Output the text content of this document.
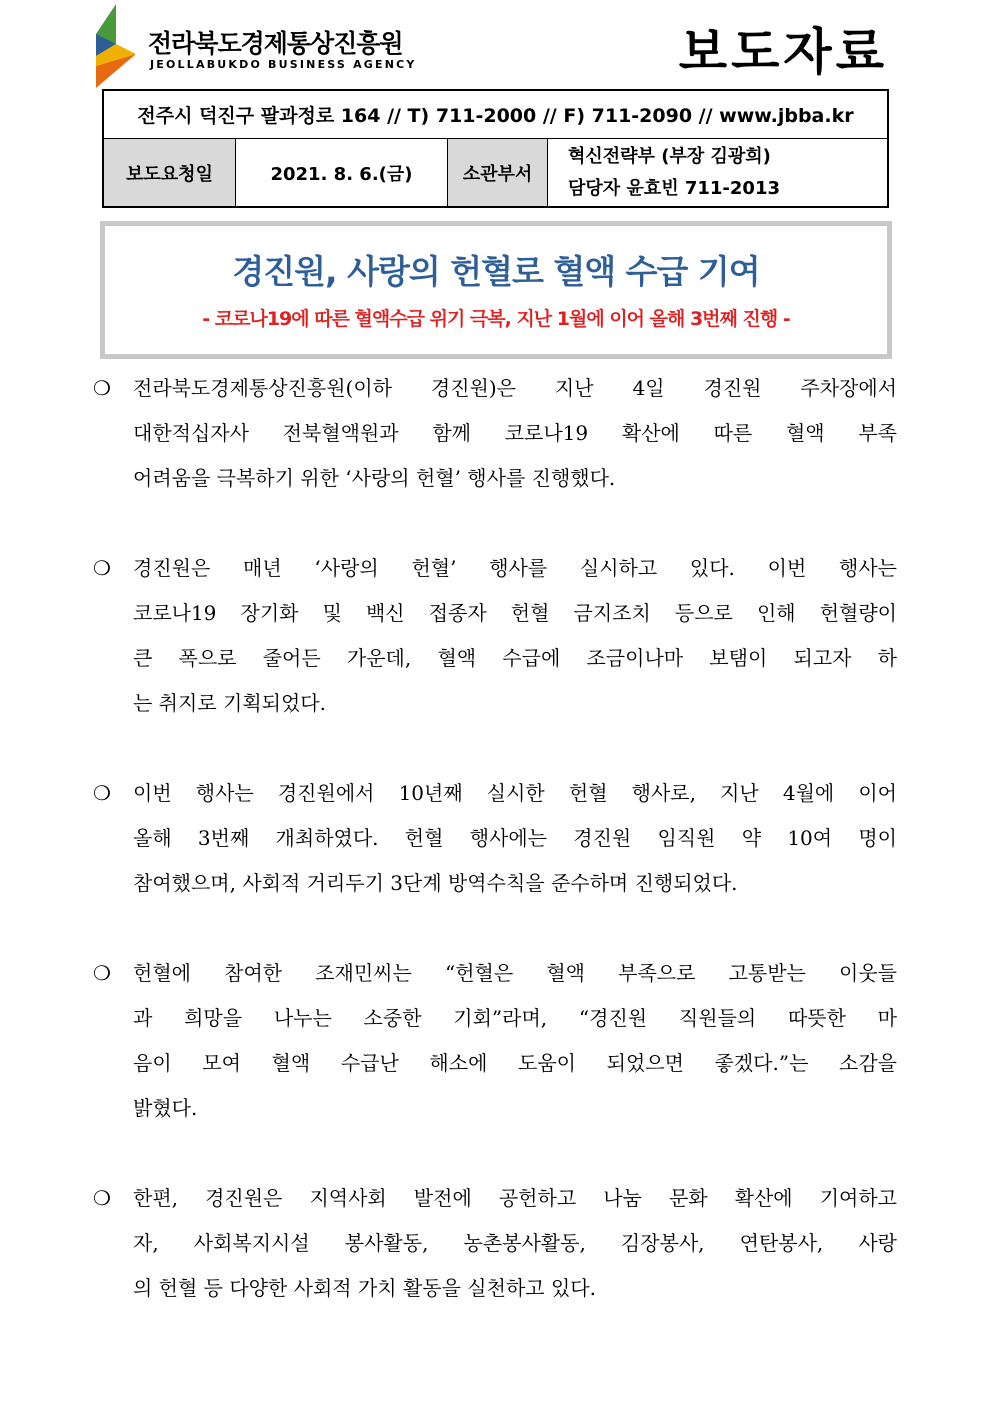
전라북도경제통상진흥원
JEOLLABUKDO BUSINESS AGENCY	보도자료
전주시 덕진구 팔과정로 164 // T) 711-2000 // F) 711-2090 // www.jbba.kr
보도요청일	2021. 8. 6.(금)	소관부서
혁신전략부 (부장 김광희)
담당자 윤효빈 711-2013
경진원, 사랑의 헌혈로 혈액 수급 기여
- 코로나19에 따른 혈액수급 위기 극복, 지난 1월에 이어 올해 3번째 진행 -
❍	전라북도경제통상진흥원(이하 경진원)은 지난 4일 경진원 주차장에서
대한적십자사 전북혈액원과 함께 코로나19 확산에 따른 혈액 부족
어려움을 극복하기 위한 ‘사랑의 헌혈’ 행사를 진행했다.
❍	경진원은 매년 ‘사랑의 헌혈’ 행사를 실시하고 있다. 이번 행사는
코로나19 장기화 및 백신 접종자 헌혈 금지조치 등으로 인해 헌혈량이
큰 폭으로 줄어든 가운데, 혈액 수급에 조금이나마 보탬이 되고자 하
는 취지로 기획되었다.
❍	이번 행사는 경진원에서 10년째 실시한 헌혈 행사로, 지난 4월에 이어
올해 3번째 개최하였다. 헌혈 행사에는 경진원 임직원 약 10여 명이
참여했으며, 사회적 거리두기 3단계 방역수칙을 준수하며 진행되었다.
❍	헌혈에 참여한 조재민씨는 “헌혈은 혈액 부족으로 고통받는 이웃들
과 희망을 나누는 소중한 기회”라며, “경진원 직원들의 따뜻한 마
음이 모여 혈액 수급난 해소에 도움이 되었으면 좋겠다.”는 소감을
밝혔다.
❍	한편, 경진원은 지역사회 발전에 공헌하고 나눔 문화 확산에 기여하고
자, 사회복지시설 봉사활동, 농촌봉사활동, 김장봉사, 연탄봉사, 사랑
의 헌혈 등 다양한 사회적 가치 활동을 실천하고 있다.
